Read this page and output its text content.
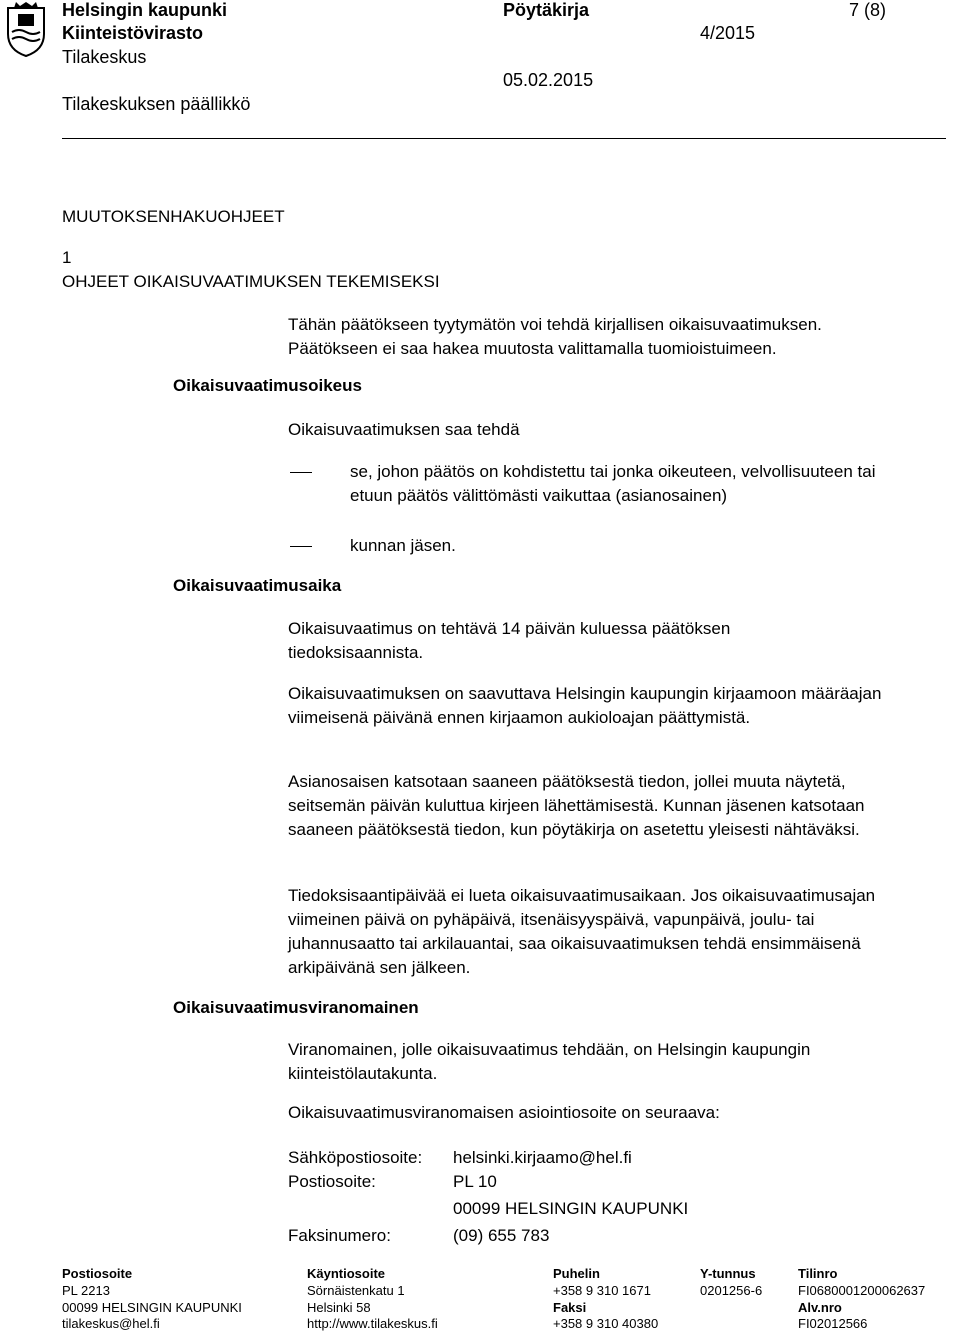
Helsingin kaupunki
Kiinteistövirasto
Tilakeskus
Tilakeskuksen päällikkö
Pöytäkirja
4/2015
05.02.2015
7 (8)
MUUTOKSENHAKUOHJEET
1
OHJEET OIKAISUVAATIMUKSEN TEKEMISEKSI
Tähän päätökseen tyytymätön voi tehdä kirjallisen oikaisuvaatimuksen.
Päätökseen ei saa hakea muutosta valittamalla tuomioistuimeen.
Oikaisuvaatimusoikeus
Oikaisuvaatimuksen saa tehdä

se, johon päätös on kohdistettu tai jonka oikeuteen, velvollisuuteen tai etuun päätös välittömästi vaikuttaa (asianosainen)

kunnan jäsen.
Oikaisuvaatimusaika

Oikaisuvaatimus on tehtävä 14 päivän kuluessa päätöksen tiedoksisaannista.

Oikaisuvaatimuksen on saavuttava Helsingin kaupungin kirjaamoon määräajan viimeisenä päivänä ennen kirjaamon aukioloajan päättymistä.

Asianosaisen katsotaan saaneen päätöksestä tiedon, jollei muuta näytetä, seitsemän päivän kuluttua kirjeen lähettämisestä. Kunnan jäsenen katsotaan saaneen päätöksestä tiedon, kun pöytäkirja on asetettu yleisesti nähtäväksi.

Tiedoksisaantipäivää ei lueta oikaisuvaatimusaikaan. Jos oikaisuvaatimusajan viimeinen päivä on pyhäpäivä, itsenäisyyspäivä, vapunpäivä, joulu- tai juhannusaatto tai arkilauantai, saa oikaisuvaatimuksen tehdä ensimmäisenä arkipäivänä sen jälkeen.

Oikaisuvaatimusviranomainen

Viranomainen, jolle oikaisuvaatimus tehdään, on Helsingin kaupungin kiinteistölautakunta.

Oikaisuvaatimusviranomaisen asiointiosoite on seuraava:
Sähköpostiosoite: helsinki.kirjaamo@hel.fi
Postiosoite:	PL 10
00099 HELSINGIN KAUPUNKI
Faksinumero:	(09) 655 783
Postiosoite
PL 2213
00099 HELSINGIN KAUPUNKI
tilakeskus@hel.fi
Käyntiosoite
Sörnäistenkatu 1
Helsinki 58
http://www.tilakeskus.fi
Puhelin
+358 9 310 1671
Faksi
+358 9 310 40380
Y-tunnus
0201256-6
Tilinro
FI0680001200062637
Alv.nro
FI02012566
